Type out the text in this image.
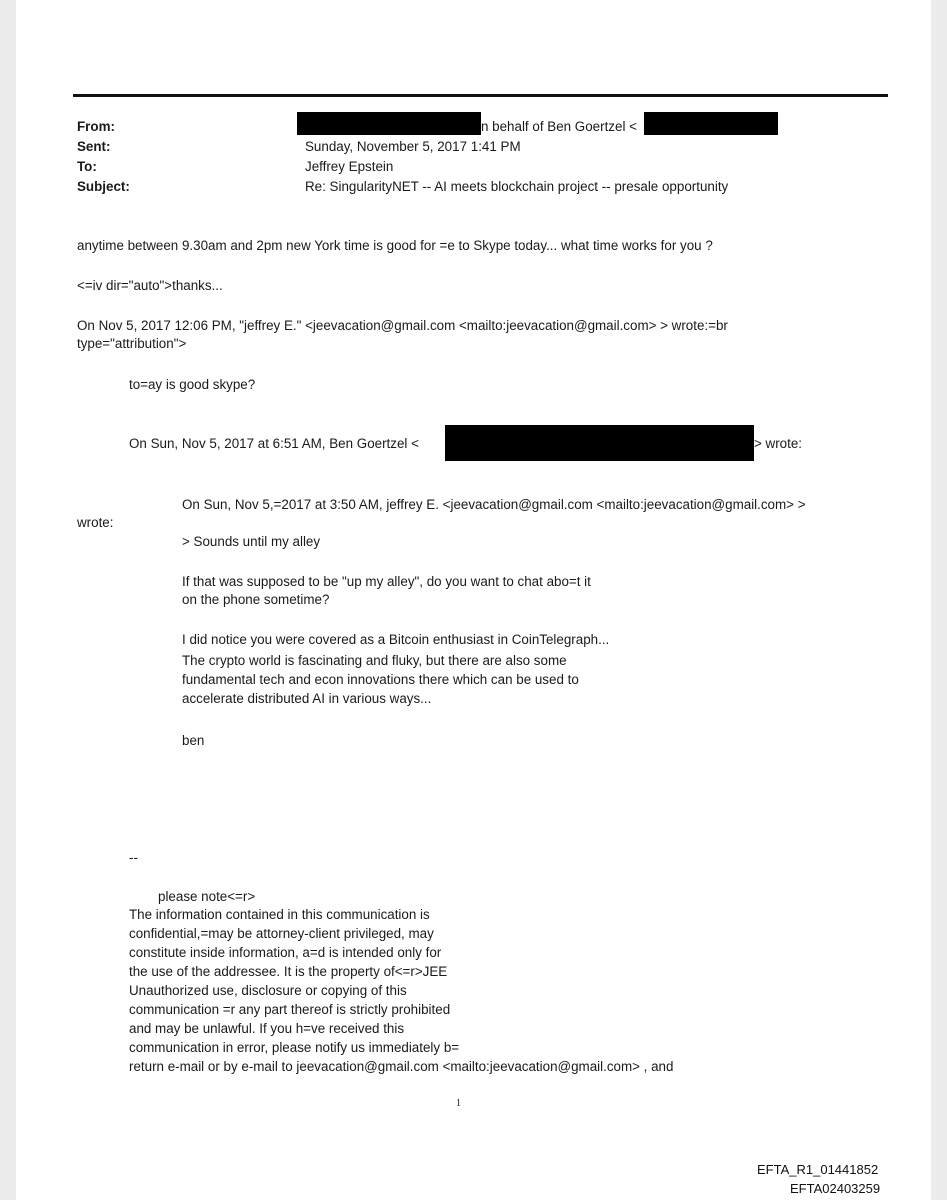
From:
Sent:
To:
Subject:
n behalf of Ben Goertzel <
Sunday, November 5, 2017 1:41 PM
Jeffrey Epstein
Re: SingularityNET -- AI meets blockchain project -- presale opportunity
anytime between 9.30am and 2pm new York time is good for =e to Skype today... what time works for you ?
<=iv dir="auto">thanks...
On Nov 5, 2017 12:06 PM, "jeffrey E." <jeevacation@gmail.com <mailto:jeevacation@gmail.com> > wrote:=br
type="attribution">
to=ay is good skype?
On Sun, Nov 5, 2017 at 6:51 AM, Ben Goertzel <	> wrote:
On Sun, Nov 5,=2017 at 3:50 AM, jeffrey E. <jeevacation@gmail.com <mailto:jeevacation@gmail.com> >
wrote:
> Sounds until my alley
If that was supposed to be "up my alley", do you want to chat abo=t it
on the phone sometime?
I did notice you were covered as a Bitcoin enthusiast in CoinTelegraph...
The crypto world is fascinating and fluky, but there are also some
fundamental tech and econ innovations there which can be used to
accelerate distributed AI in various ways...
ben
--
please note<=r>
The information contained in this communication is
confidential,=may be attorney-client privileged, may
constitute inside information, a=d is intended only for
the use of the addressee. It is the property of<=r>JEE
Unauthorized use, disclosure or copying of this
communication =r any part thereof is strictly prohibited
and may be unlawful. If you h=ve received this
communication in error, please notify us immediately b=
return e-mail or by e-mail to jeevacation@gmail.com <mailto:jeevacation@gmail.com> , and
1
EFTA_R1_01441852
EFTA02403259
